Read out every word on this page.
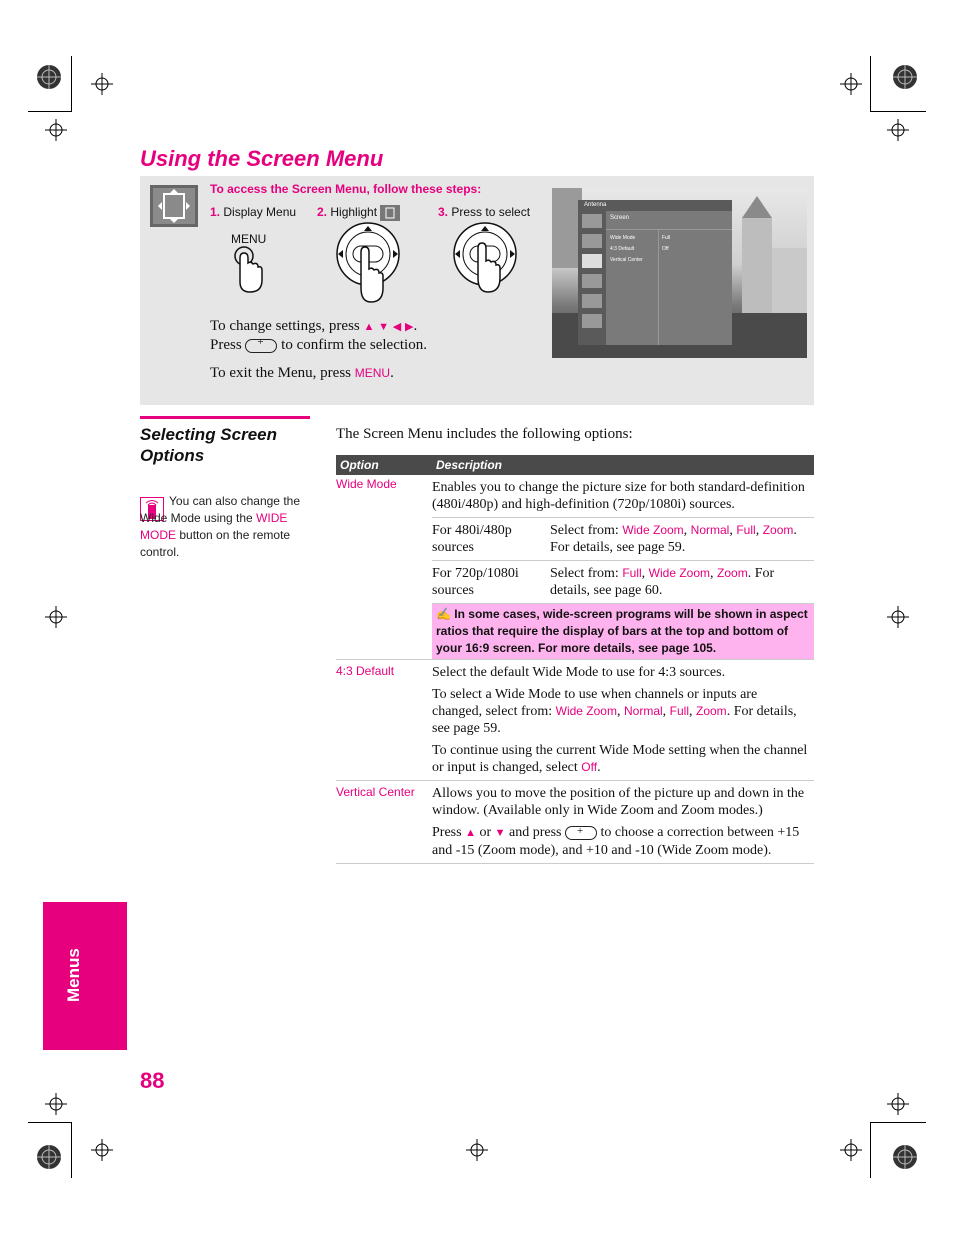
Using the Screen Menu
To access the Screen Menu, follow these steps:
1. Display Menu 2. Highlight	3. Press to select
MENU
To change settings, press ▲ ▼ ◀ ▶.
Press +	to confirm the selection.
To exit the Menu, press MENU.
Antenna
Screen
Wide Mode	Full
4:3 Default	Off
Vertical Center
Selecting Screen Options
You can also change the Wide Mode using the WIDE MODE button on the remote control.
The Screen Menu includes the following options:
Option	Description	
Wide Mode	Enables you to change the picture size for both standard-definition (480i/480p) and high-definition (720p/1080i) sources.	
	For 480i/480p sources	Select from: Wide Zoom, Normal, Full, Zoom. For details, see page 59.
	For 720p/1080i sources	Select from: Full, Wide Zoom, Zoom. For details, see page 60.

	✍ In some cases, wide-screen programs will be shown in aspect ratios that require the display of bars at the top and bottom of your 16:9 screen. For more details, see page 105.	

4:3 Default	Select the default Wide Mode to use for 4:3 sources.
To select a Wide Mode to use when channels or inputs are changed, select from: Wide Zoom, Normal, Full, Zoom. For details, see page 59.
To continue using the current Wide Mode setting when the channel or input is changed, select Off.	

Vertical Center	Allows you to move the position of the picture up and down in the window. (Available only in Wide Zoom and Zoom modes.)
Press ▲ or ▼ and press + to choose a correction between +15 and -15 (Zoom mode), and +10 and -10 (Wide Zoom mode).
Menus
88
